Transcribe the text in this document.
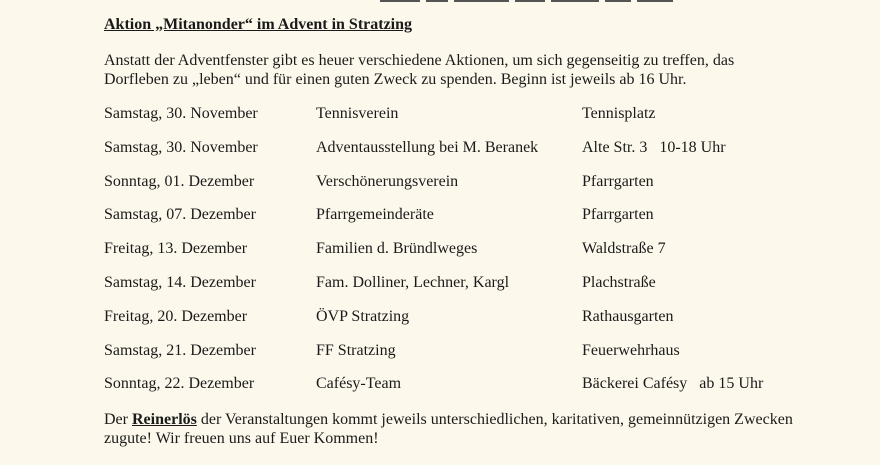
Aktion „Mitanonder“ im Advent in Stratzing
Anstatt der Adventfenster gibt es heuer verschiedene Aktionen, um sich gegenseitig zu treffen, das Dorfleben zu „leben“ und für einen guten Zweck zu spenden. Beginn ist jeweils ab 16 Uhr.
Samstag, 30. November	Tennisverein	Tennisplatz
Samstag, 30. November	Adventausstellung bei M. Beranek	Alte Str. 3   10-18 Uhr
Sonntag, 01. Dezember	Verschönerungsverein	Pfarrgarten
Samstag, 07. Dezember	Pfarrgemeinderäte	Pfarrgarten
Freitag, 13. Dezember	Familien d. Bründlweges	Waldstraße 7
Samstag, 14. Dezember	Fam. Dolliner, Lechner, Kargl	Plachstraße
Freitag, 20. Dezember	ÖVP Stratzing	Rathausgarten
Samstag, 21. Dezember	FF Stratzing	Feuerwehrhaus
Sonntag, 22. Dezember	Cafésy-Team	Bäckerei Cafésy   ab 15 Uhr
Der Reinerlös der Veranstaltungen kommt jeweils unterschiedlichen, karitativen, gemeinnützigen Zwecken zugute! Wir freuen uns auf Euer Kommen!
